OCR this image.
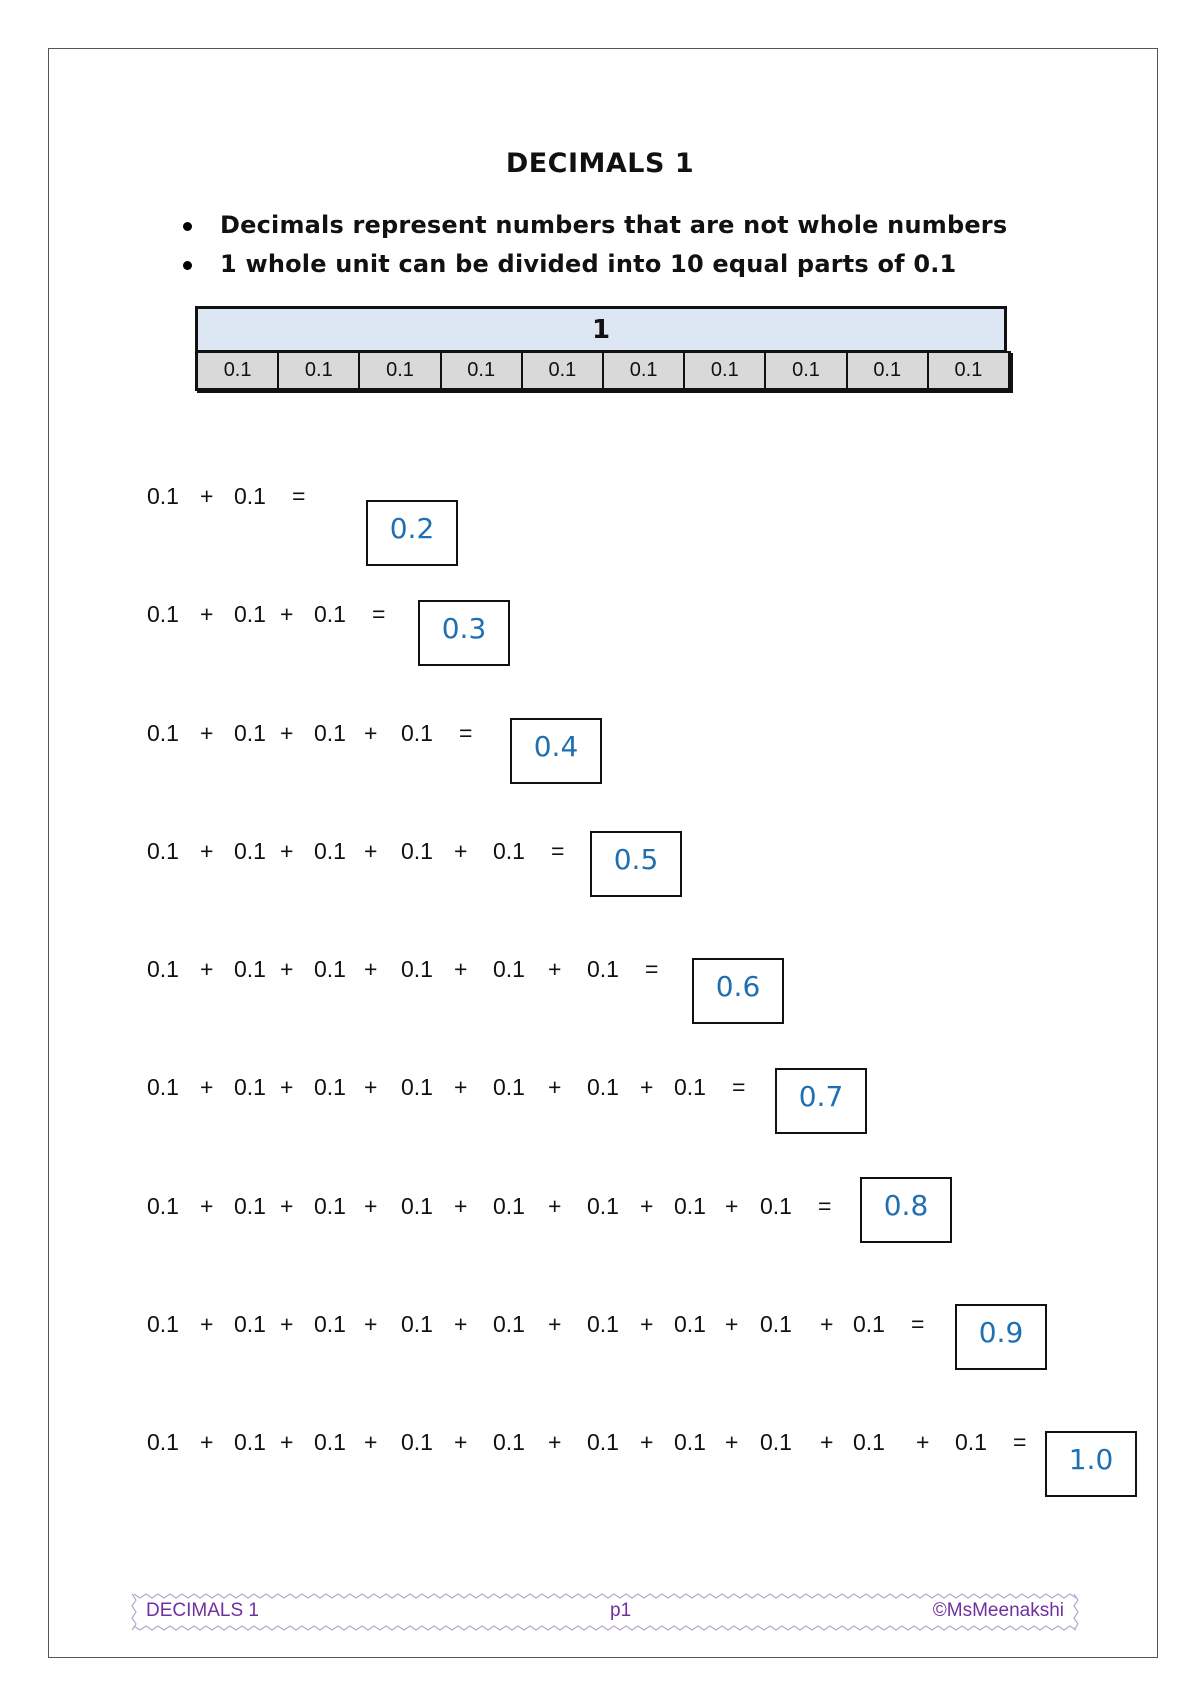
DECIMALS 1
Decimals represent numbers that are not whole numbers
1 whole unit can be divided into 10 equal parts of 0.1
1
0.1	0.1	0.1	0.1	0.1	0.1	0.1	0.1	0.1	0.1
0.1 + 0.1 =
0.2
0.1 + 0.1 + 0.1 =	0.3
0.1 + 0.1 + 0.1 + 0.1 =	0.4
0.1 + 0.1 + 0.1 + 0.1 + 0.1 =	0.5
0.1 + 0.1 + 0.1 + 0.1 + 0.1 + 0.1 =
0.6
0.1 + 0.1 + 0.1 + 0.1 + 0.1 + 0.1 + 0.1 =	0.7
0.1 + 0.1 + 0.1 + 0.1 + 0.1 + 0.1 + 0.1 + 0.1 =	0.8
0.1 + 0.1 + 0.1 + 0.1 + 0.1 + 0.1 + 0.1 + 0.1 + 0.1 =	0.9
0.1 + 0.1 + 0.1 + 0.1 + 0.1 + 0.1 + 0.1 + 0.1 + 0.1 + 0.1 =
1.0
DECIMALS 1	p1	©MsMeenakshi
